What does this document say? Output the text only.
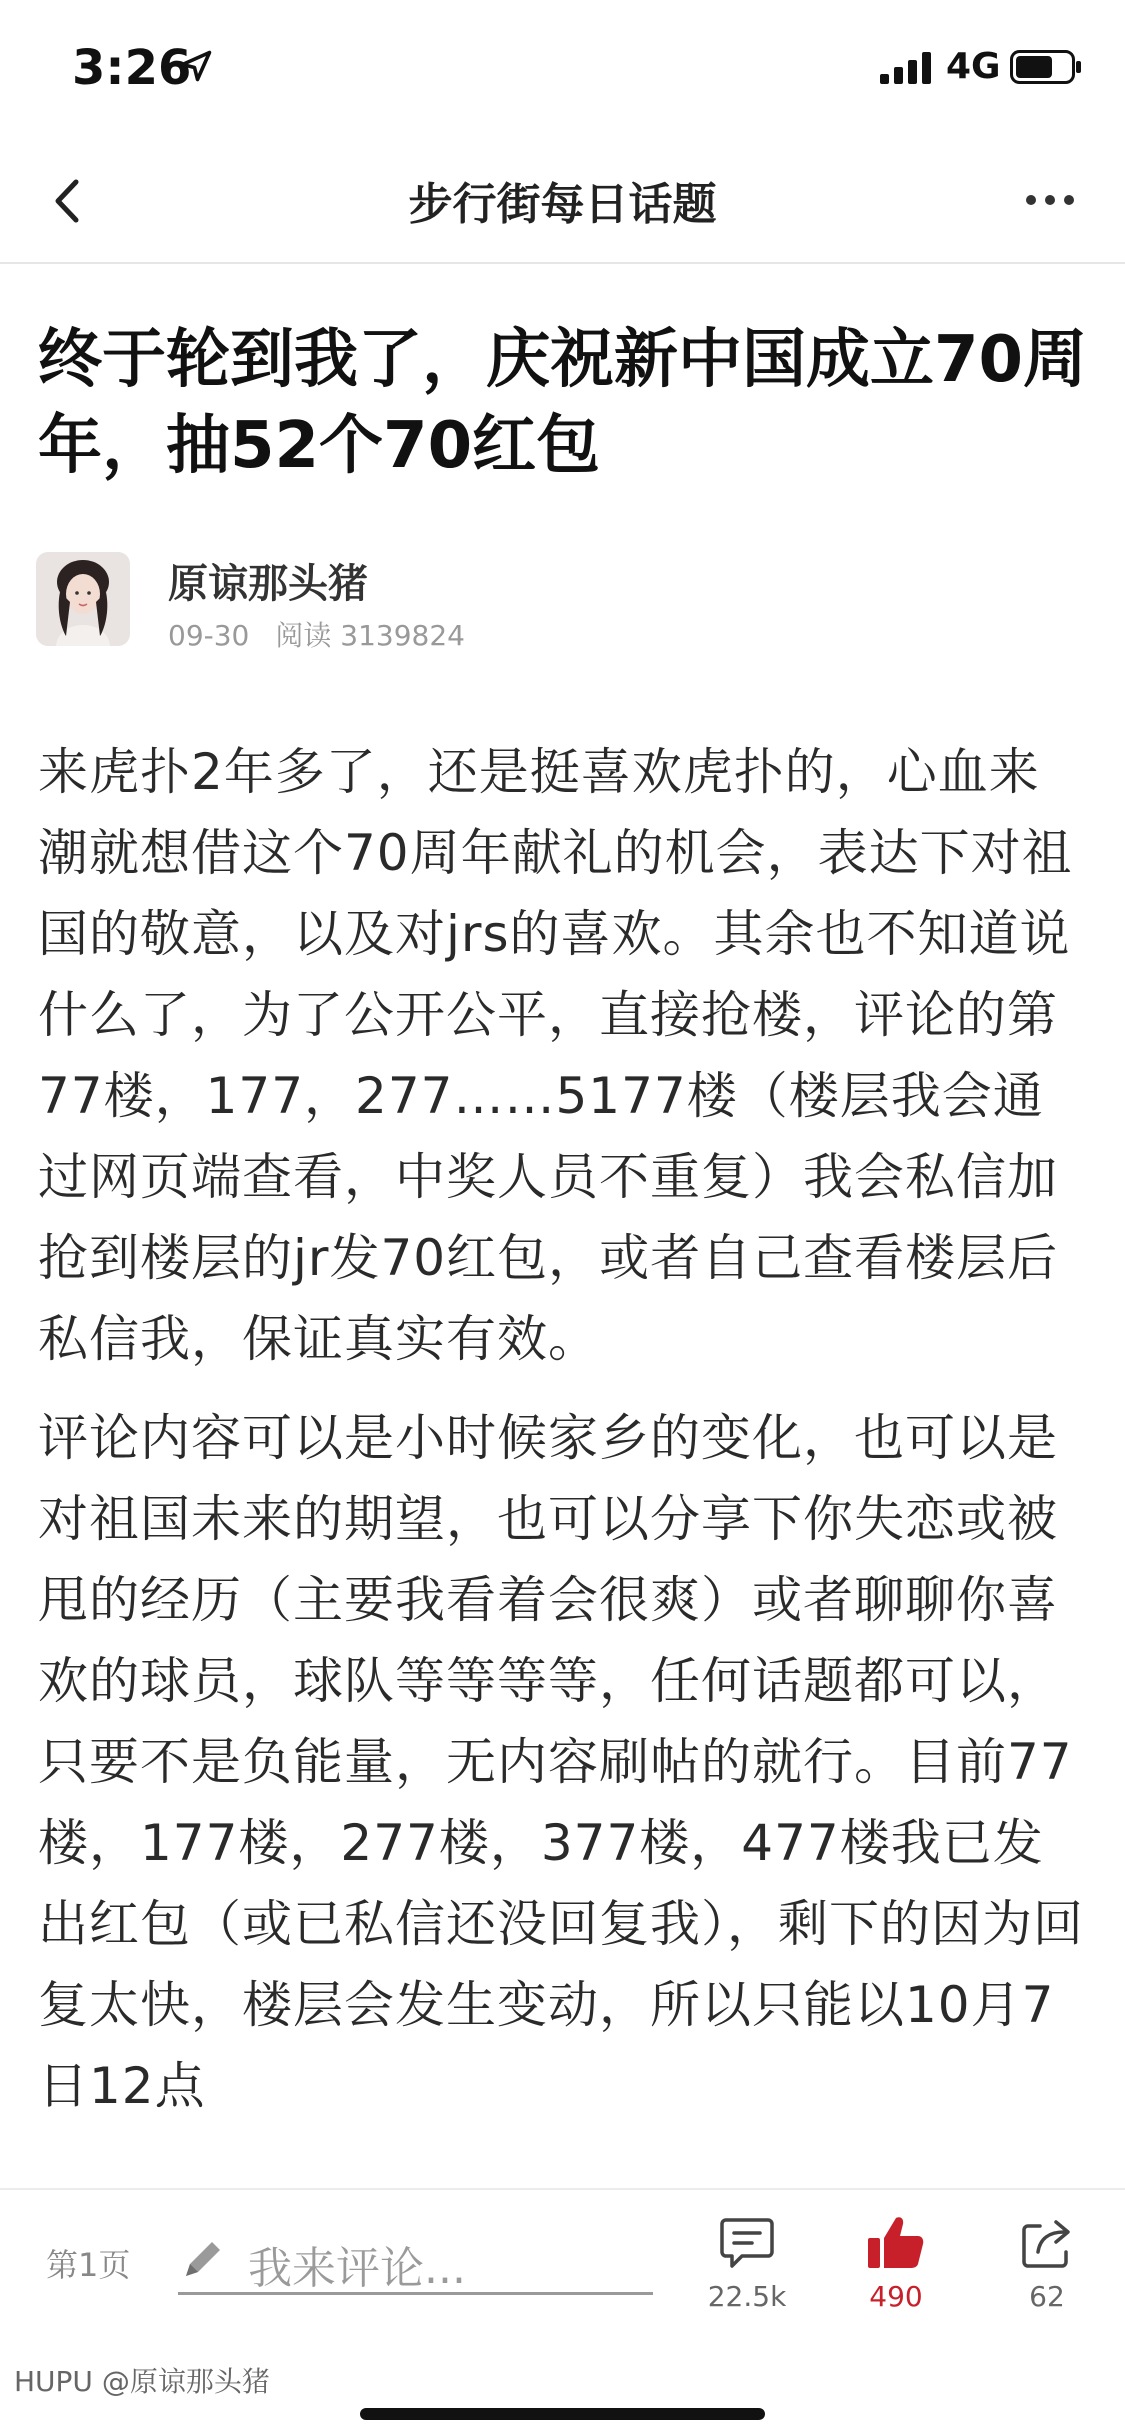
3:26	4G
步行街每日话题
终于轮到我了，庆祝新中国成立70周年，抽52个70红包
原谅那头猪
09-30 阅读 3139824

来虎扑2年多了，还是挺喜欢虎扑的，心血来潮就想借这个70周年献礼的机会，表达下对祖国的敬意，以及对jrs的喜欢。其余也不知道说什么了，为了公开公平，直接抢楼，评论的第77楼，177，277……5177楼（楼层我会通过网页端查看，中奖人员不重复）我会私信加抢到楼层的jr发70红包，或者自己查看楼层后私信我，保证真实有效。

评论内容可以是小时候家乡的变化，也可以是对祖国未来的期望，也可以分享下你失恋或被甩的经历（主要我看着会很爽）或者聊聊你喜欢的球员，球队等等等等，任何话题都可以，只要不是负能量，无内容刷帖的就行。目前77楼，177楼，277楼，377楼，477楼我已发出红包（或已私信还没回复我），剩下的因为回复太快，楼层会发生变动，所以只能以10月7日12点

第1页	我来评论...
22.5k	490	62
HUPU @原谅那头猪
